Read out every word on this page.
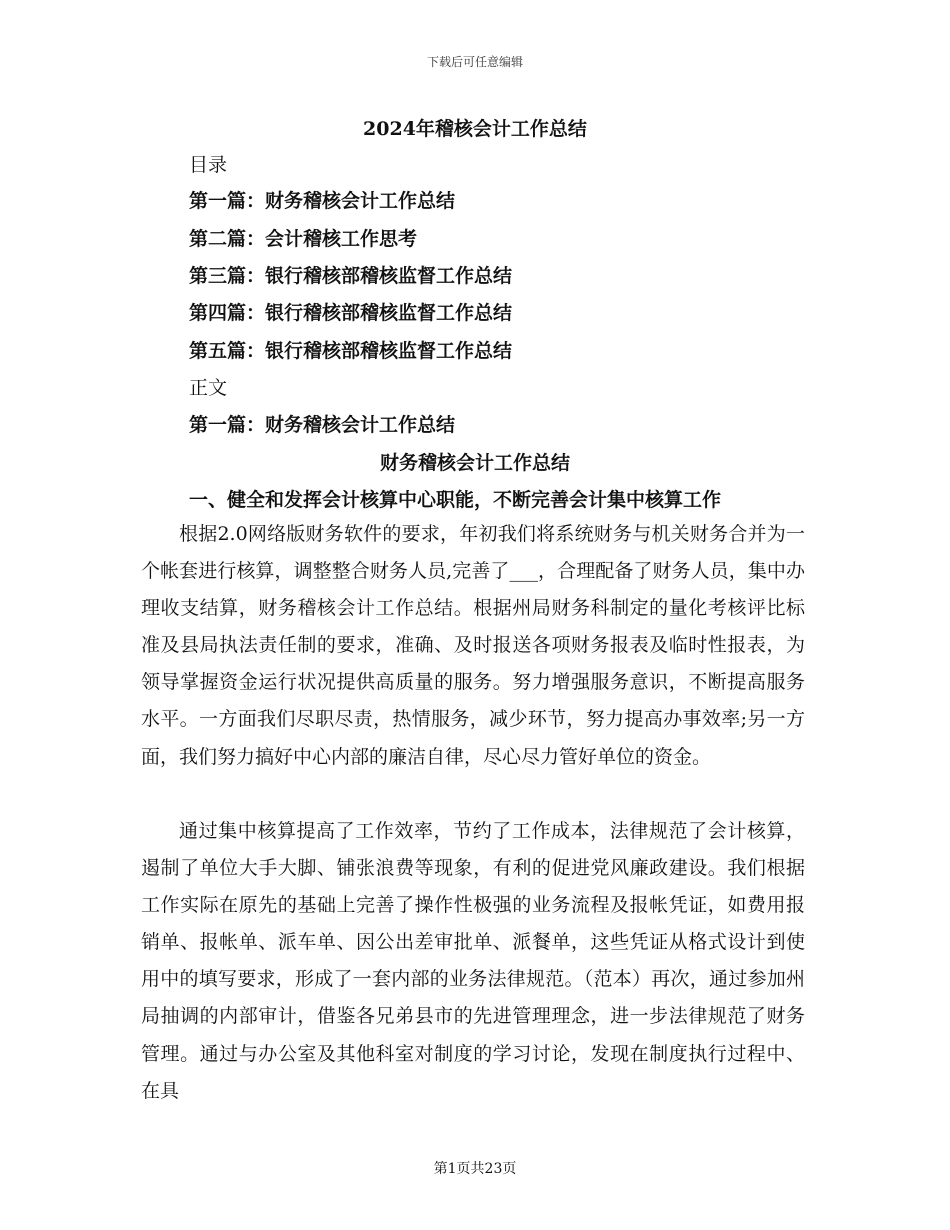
下载后可任意编辑
2024年稽核会计工作总结
目录
第一篇：财务稽核会计工作总结
第二篇：会计稽核工作思考
第三篇：银行稽核部稽核监督工作总结
第四篇：银行稽核部稽核监督工作总结
第五篇：银行稽核部稽核监督工作总结
正文
第一篇：财务稽核会计工作总结
财务稽核会计工作总结
一、健全和发挥会计核算中心职能，不断完善会计集中核算工作

根据2.0网络版财务软件的要求，年初我们将系统财务与机关财务合并为一个帐套进行核算，调整整合财务人员,完善了___，合理配备了财务人员，集中办理收支结算，财务稽核会计工作总结。根据州局财务科制定的量化考核评比标准及县局执法责任制的要求，准确、及时报送各项财务报表及临时性报表，为领导掌握资金运行状况提供高质量的服务。努力增强服务意识，不断提高服务水平。一方面我们尽职尽责，热情服务，减少环节，努力提高办事效率;另一方面，我们努力搞好中心内部的廉洁自律，尽心尽力管好单位的资金。

通过集中核算提高了工作效率，节约了工作成本，法律规范了会计核算，遏制了单位大手大脚、铺张浪费等现象，有利的促进党风廉政建设。我们根据工作实际在原先的基础上完善了操作性极强的业务流程及报帐凭证，如费用报销单、报帐单、派车单、因公出差审批单、派餐单，这些凭证从格式设计到使用中的填写要求，形成了一套内部的业务法律规范。（范本）再次，通过参加州局抽调的内部审计，借鉴各兄弟县市的先进管理理念，进一步法律规范了财务管理。通过与办公室及其他科室对制度的学习讨论，发现在制度执行过程中、在具

第1页共23页
